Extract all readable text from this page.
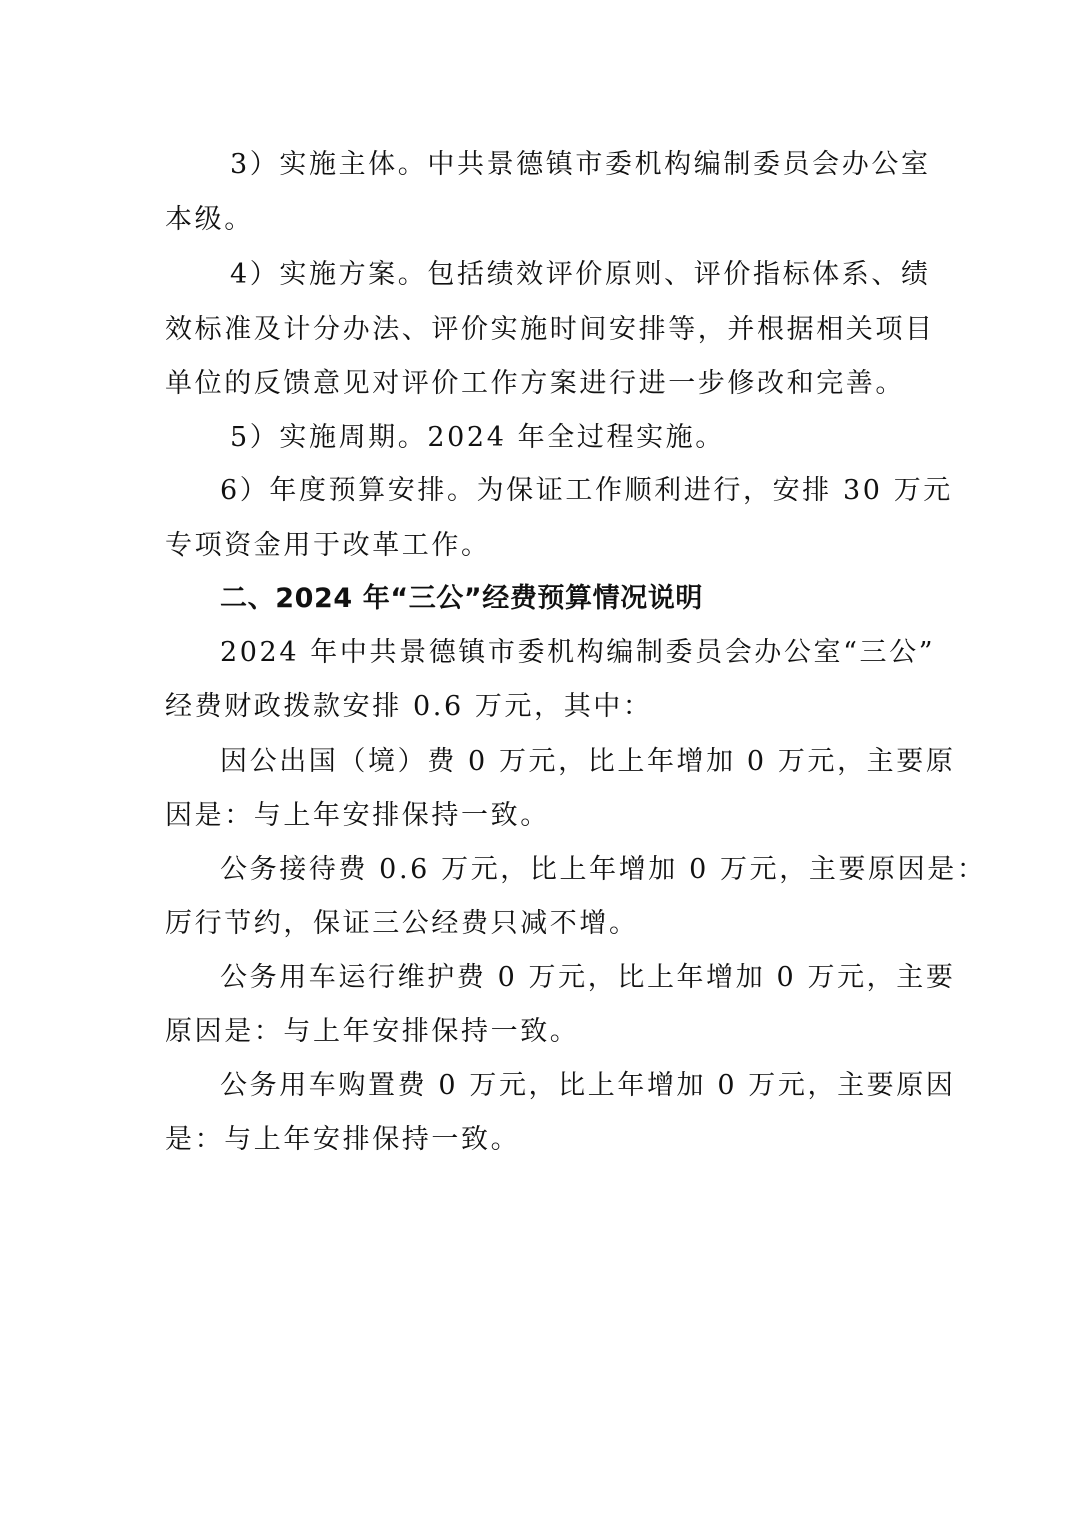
3）实施主体。中共景德镇市委机构编制委员会办公室
本级。
4）实施方案。包括绩效评价原则、评价指标体系、绩
效标准及计分办法、评价实施时间安排等，并根据相关项目
单位的反馈意见对评价工作方案进行进一步修改和完善。
5）实施周期。2024 年全过程实施。
6）年度预算安排。为保证工作顺利进行，安排 30 万元
专项资金用于改革工作。
二、2024 年“三公”经费预算情况说明
2024 年中共景德镇市委机构编制委员会办公室“三公”
经费财政拨款安排 0.6 万元，其中：
因公出国（境）费 0 万元，比上年增加 0 万元，主要原
因是：与上年安排保持一致。
公务接待费 0.6 万元，比上年增加 0 万元，主要原因是：
厉行节约，保证三公经费只减不增。
公务用车运行维护费 0 万元，比上年增加 0 万元，主要
原因是：与上年安排保持一致。
公务用车购置费 0 万元，比上年增加 0 万元，主要原因
是：与上年安排保持一致。
